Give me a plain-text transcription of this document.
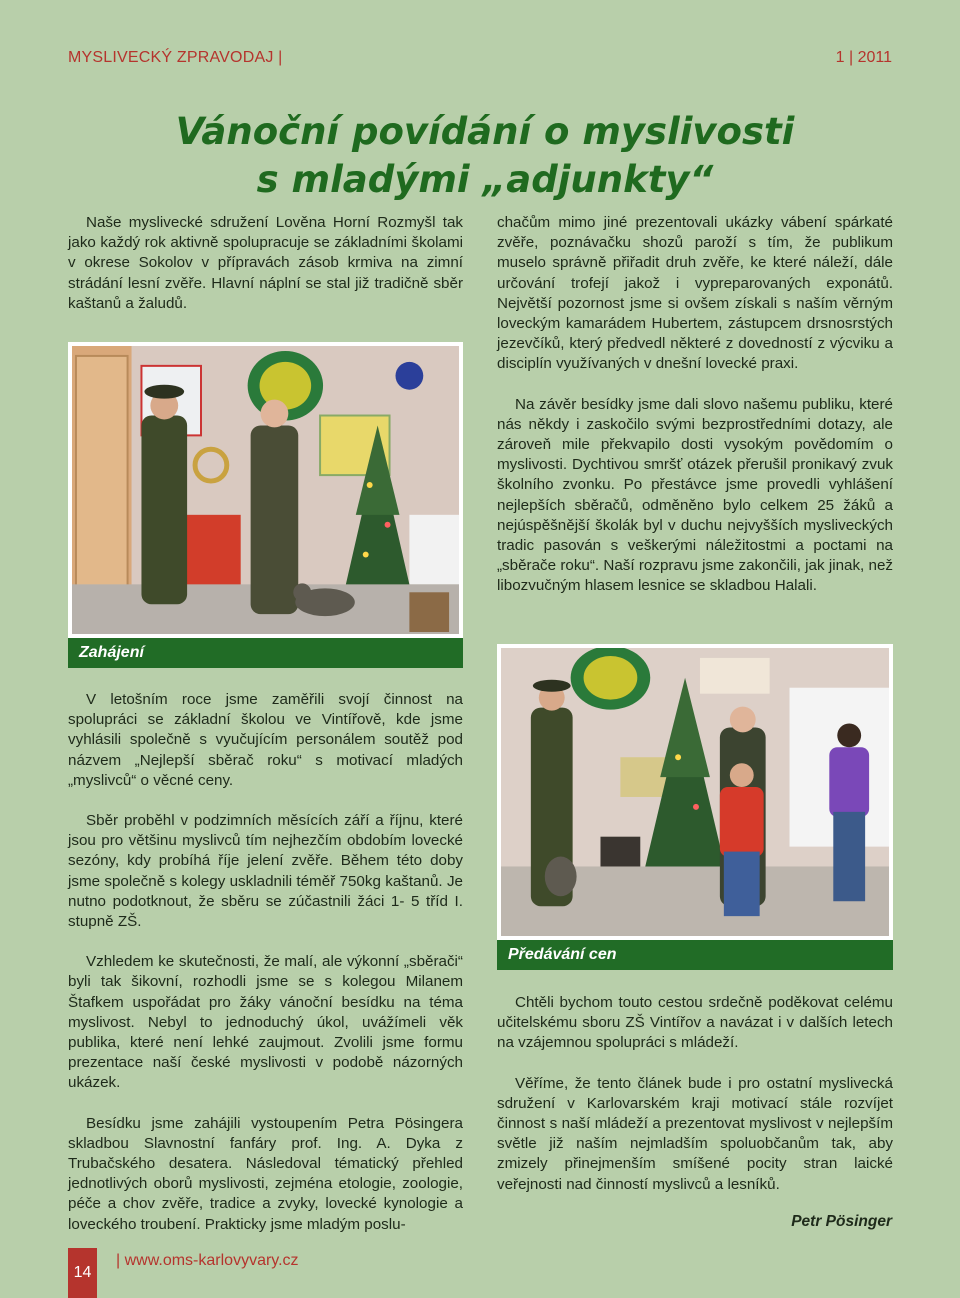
MYSLIVECKÝ ZPRAVODAJ |	1 | 2011
Vánoční povídání o myslivosti
s mladými „adjunkty“

Naše myslivecké sdružení Lověna Horní Rozmyšl tak jako každý rok aktivně spolupracuje se základními školami v okrese Sokolov v přípravách zásob krmiva na zimní strádání lesní zvěře. Hlavní náplní se stal již tradičně sběr kaštanů a žaludů.

Zahájení

V letošním roce jsme zaměřili svojí činnost na spolupráci se základní školou ve Vintířově, kde jsme vyhlásili společně s vyučujícím personálem soutěž pod názvem „Nejlepší sběrač roku“ s motivací mladých „myslivců“ o věcné ceny.

Sběr proběhl v podzimních měsících září a říjnu, které jsou pro většinu myslivců tím nejhezčím obdobím lovecké sezóny, kdy probíhá říje jelení zvěře. Během této doby jsme společně s kolegy uskladnili téměř 750kg kaštanů. Je nutno podotknout, že sběru se zúčastnili žáci 1- 5 tříd I. stupně ZŠ.

Vzhledem ke skutečnosti, že malí, ale výkonní „sběrači“ byli tak šikovní, rozhodli jsme se s kolegou Milanem Štafkem uspořádat pro žáky vánoční besídku na téma myslivost. Nebyl to jednoduchý úkol, uvážímeli věk publika, které není lehké zaujmout. Zvolili jsme formu prezentace naší české myslivosti v podobě názorných ukázek.

Besídku jsme zahájili vystoupením Petra Pösingera skladbou Slavnostní fanfáry prof. Ing. A. Dyka z Trubačského desatera. Následoval tématický přehled jednotlivých oborů myslivosti, zejména etologie, zoologie, péče a chov zvěře, tradice a zvyky, lovecké kynologie a loveckého troubení. Prakticky jsme mladým poslu-

chačům mimo jiné prezentovali ukázky vábení spárkaté zvěře, poznávačku shozů paroží s tím, že publikum muselo správně přiřadit druh zvěře, ke které náleží, dále určování trofejí jakož i vypreparovaných exponátů. Největší pozornost jsme si ovšem získali s naším věrným loveckým kamarádem Hubertem, zástupcem drsnosrstých jezevčíků, který předvedl některé z dovedností z výcviku a disciplín využívaných v dnešní lovecké praxi.

Na závěr besídky jsme dali slovo našemu publiku, které nás někdy i zaskočilo svými bezprostředními dotazy, ale zároveň mile překvapilo dosti vysokým povědomím o myslivosti. Dychtivou smršť otázek přerušil pronikavý zvuk školního zvonku. Po přestávce jsme provedli vyhlášení nejlepších sběračů, odměněno bylo celkem 25 žáků a nejúspěšnější školák byl v duchu nejvyšších mysliveckých tradic pasován s veškerými náležitostmi a poctami na „sběrače roku“. Naší rozpravu jsme zakončili, jak jinak, než libozvučným hlasem lesnice se skladbou Halali.

Předávání cen

Chtěli bychom touto cestou srdečně poděkovat celému učitelskému sboru ZŠ Vintířov a navázat i v dalších letech na vzájemnou spolupráci s mládeží.

Věříme, že tento článek bude i pro ostatní myslivecká sdružení v Karlovarském kraji motivací stále rozvíjet činnost s naší mládeží a prezentovat myslivost v nejlepším světle již naším nejmladším spoluobčanům tak, aby zmizely přinejmenším smíšené pocity stran laické veřejnosti nad činností myslivců a lesníků.

Petr Pösinger
14
| www.oms-karlovyvary.cz
